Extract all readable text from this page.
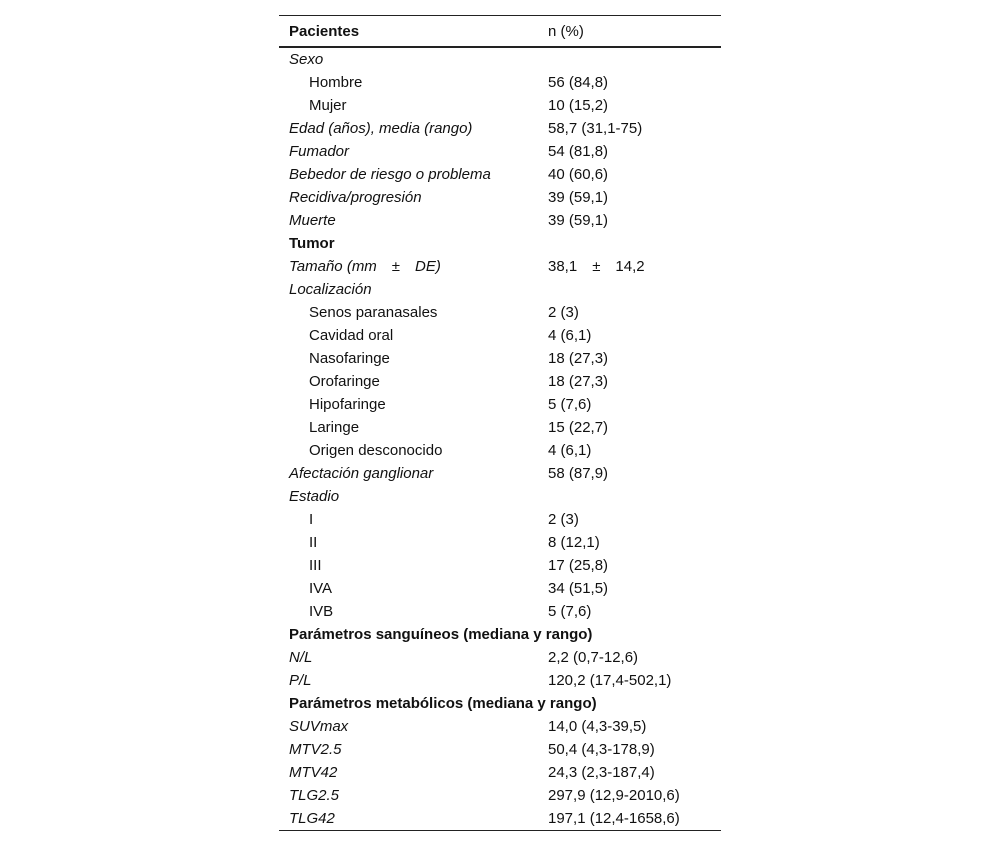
Pacientes	n (%)
Sexo	
Hombre	56 (84,8)
Mujer	10 (15,2)
Edad (años), media (rango)	58,7 (31,1-75)
Fumador	54 (81,8)
Bebedor de riesgo o problema	40 (60,6)
Recidiva/progresión	39 (59,1)
Muerte	39 (59,1)
Tumor	
Tamaño (mm ± DE)	38,1 ± 14,2
Localización	
Senos paranasales	2 (3)
Cavidad oral	4 (6,1)
Nasofaringe	18 (27,3)
Orofaringe	18 (27,3)
Hipofaringe	5 (7,6)
Laringe	15 (22,7)
Origen desconocido	4 (6,1)
Afectación ganglionar	58 (87,9)
Estadio	
I	2 (3)
II	8 (12,1)
III	17 (25,8)
IVA	34 (51,5)
IVB	5 (7,6)
Parámetros sanguíneos (mediana y rango)	
N/L	2,2 (0,7-12,6)
P/L	120,2 (17,4-502,1)
Parámetros metabólicos (mediana y rango)	
SUVmax	14,0 (4,3-39,5)
MTV2.5	50,4 (4,3-178,9)
MTV42	24,3 (2,3-187,4)
TLG2.5	297,9 (12,9-2010,6)
TLG42	197,1 (12,4-1658,6)
